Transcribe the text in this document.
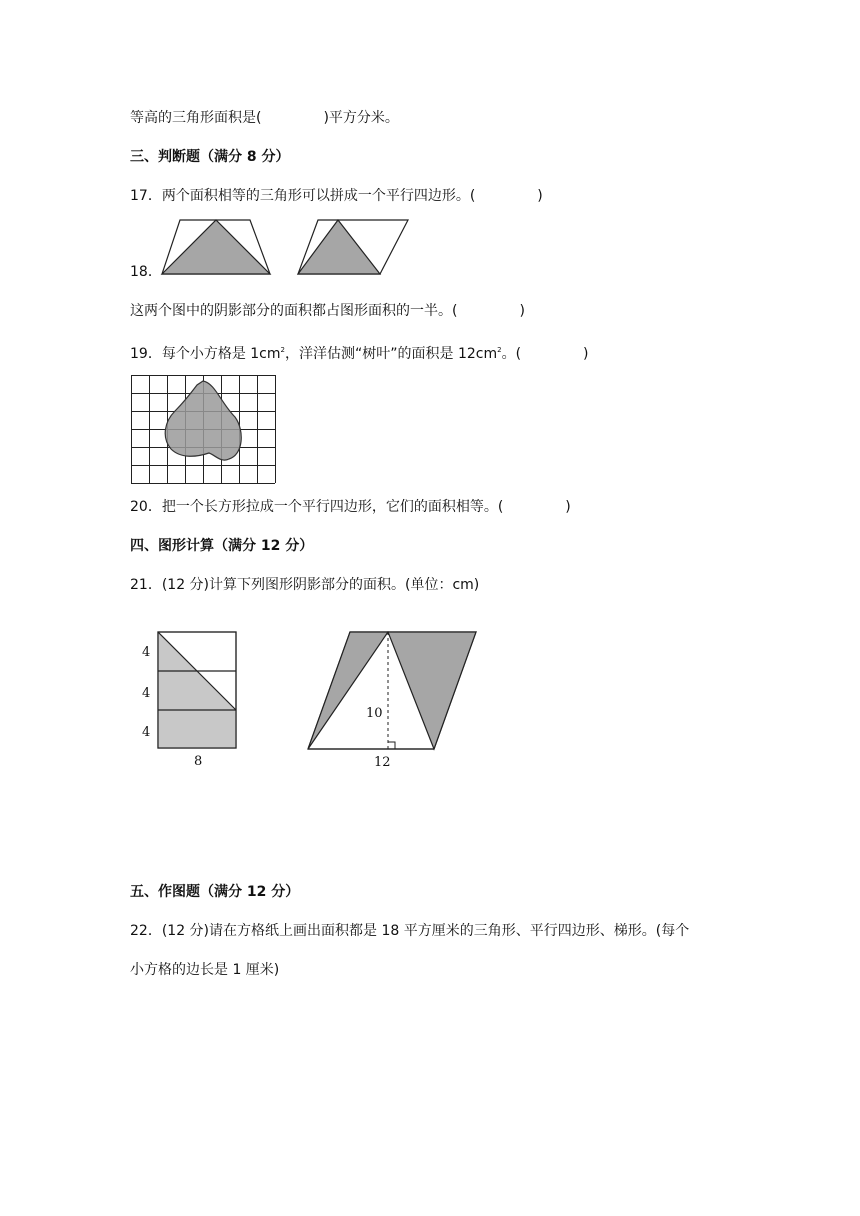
等高的三角形面积是(	)平方分米。
三、判断题（满分 8 分）
17．两个面积相等的三角形可以拼成一个平行四边形。(	)
18．
这两个图中的阴影部分的面积都占图形面积的一半。(	)
19．每个小方格是 $1cm^2$，洋洋估测“树叶”的面积是 $12cm^2$。(	)
20．把一个长方形拉成一个平行四边形，它们的面积相等。(	)
四、图形计算（满分 12 分）
21．(12 分)计算下列图形阴影部分的面积。(单位：cm)
4
4
4
8
10
12
五、作图题（满分 12 分）
22．(12 分)请在方格纸上画出面积都是 18 平方厘米的三角形、平行四边形、梯形。(每个
小方格的边长是 1 厘米)
